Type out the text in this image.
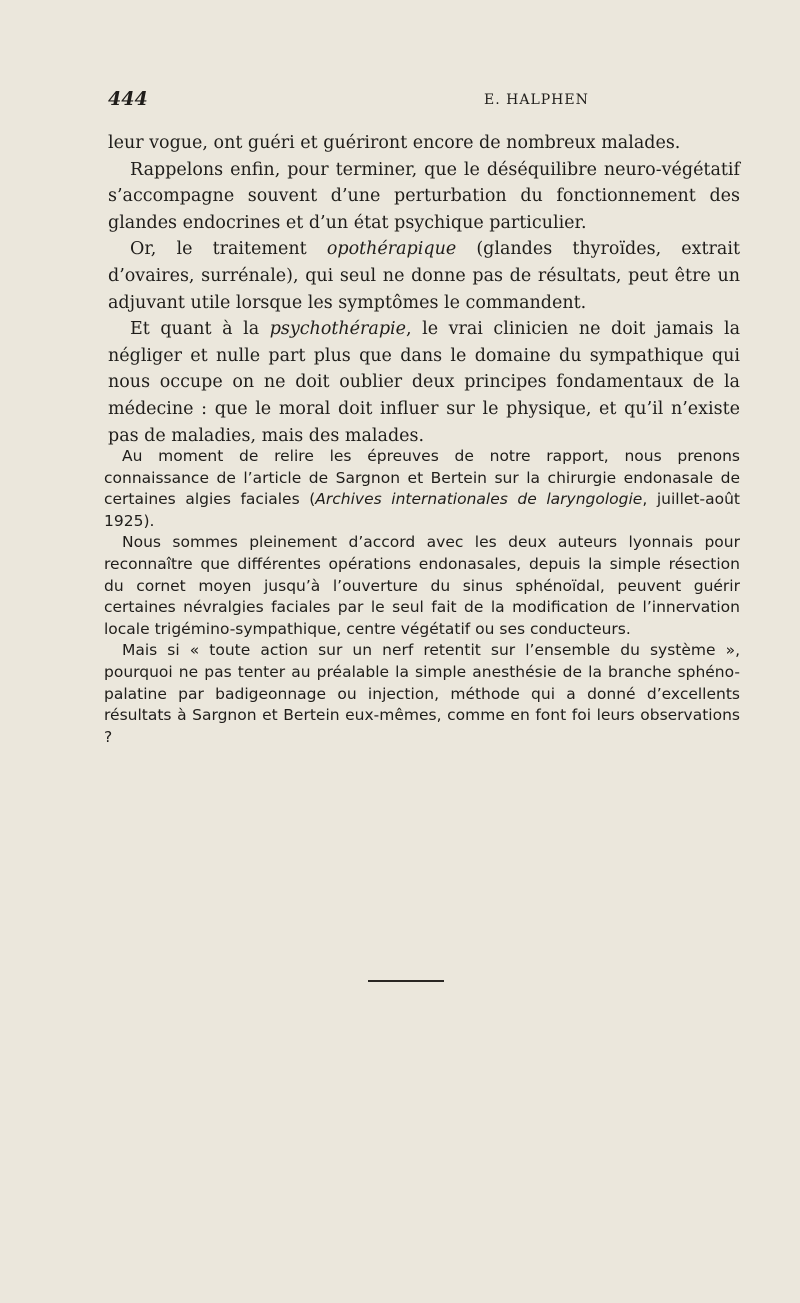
444	E. HALPHEN

leur vogue, ont guéri et guériront encore de nombreux malades.

Rappelons enfin, pour terminer, que le déséquilibre neuro-végétatif s’accompagne souvent d’une perturbation du fonctionnement des glandes endocrines et d’un état psychique particulier.

Or, le traitement opothérapique (glandes thyroïdes, extrait d’ovaires, surrénale), qui seul ne donne pas de résultats, peut être un adjuvant utile lorsque les symptômes le commandent.

Et quant à la psychothérapie, le vrai clinicien ne doit jamais la négliger et nulle part plus que dans le domaine du sympathique qui nous occupe on ne doit oublier deux principes fondamentaux de la médecine : que le moral doit influer sur le physique, et qu’il n’existe pas de maladies, mais des malades.

Au moment de relire les épreuves de notre rapport, nous prenons connaissance de l’article de Sargnon et Bertein sur la chirurgie endonasale de certaines algies faciales (Archives internationales de laryngologie, juillet-août 1925).

Nous sommes pleinement d’accord avec les deux auteurs lyonnais pour reconnaître que différentes opérations endonasales, depuis la simple résection du cornet moyen jusqu’à l’ouverture du sinus sphénoïdal, peuvent guérir certaines névralgies faciales par le seul fait de la modification de l’innervation locale trigémino-sympathique, centre végétatif ou ses conducteurs.

Mais si « toute action sur un nerf retentit sur l’ensemble du système », pourquoi ne pas tenter au préalable la simple anesthésie de la branche sphéno-palatine par badigeonnage ou injection, méthode qui a donné d’excellents résultats à Sargnon et Bertein eux-mêmes, comme en font foi leurs observations ?
